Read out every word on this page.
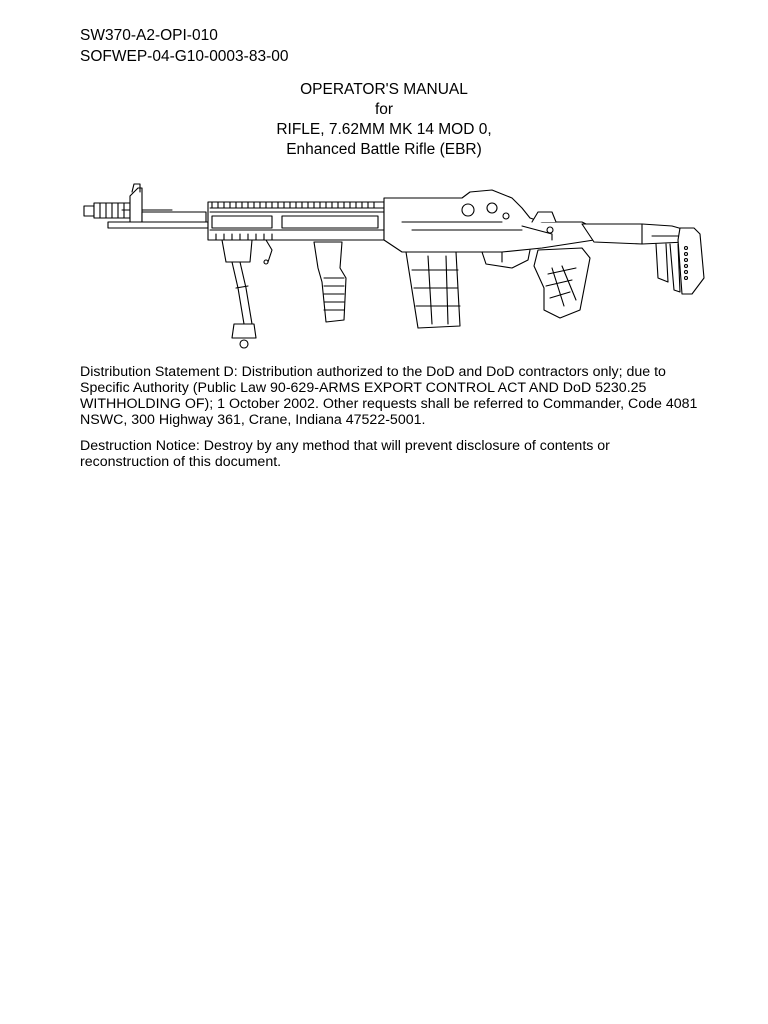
SW370-A2-OPI-010
SOFWEP-04-G10-0003-83-00
OPERATOR'S MANUAL
for
RIFLE, 7.62MM MK 14 MOD 0,
Enhanced Battle Rifle (EBR)
Distribution Statement D: Distribution authorized to the DoD and DoD contractors only; due to Specific Authority (Public Law 90-629-ARMS EXPORT CONTROL ACT AND DoD 5230.25 WITHHOLDING OF); 1 October 2002. Other requests shall be referred to Commander, Code 4081 NSWC, 300 Highway 361, Crane, Indiana 47522-5001.
Destruction Notice: Destroy by any method that will prevent disclosure of contents or reconstruction of this document.
